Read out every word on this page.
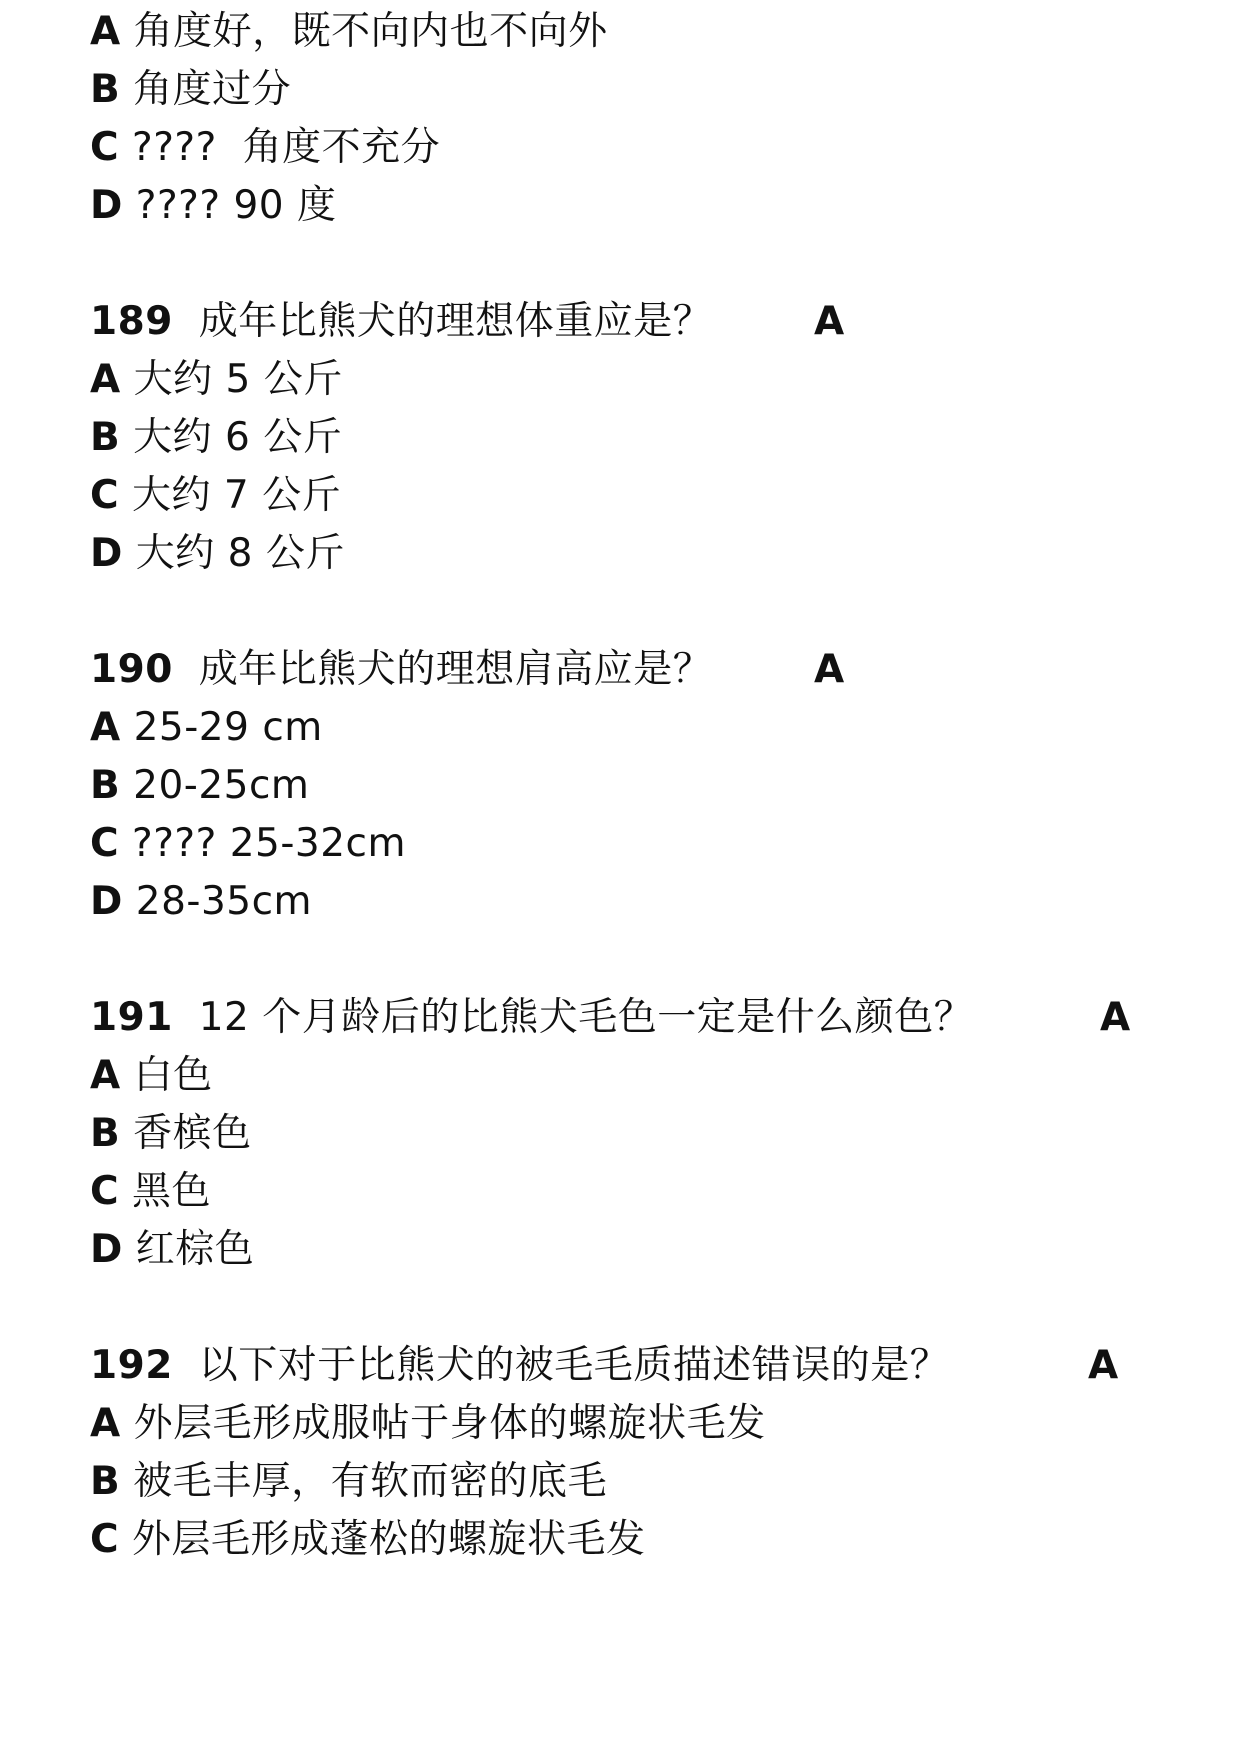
A 角度好，既不向内也不向外
B 角度过分
C ????  角度不充分
D ???? 90 度
189 成年比熊犬的理想体重应是？	A
A 大约 5 公斤
B 大约 6 公斤
C 大约 7 公斤
D 大约 8 公斤
190 成年比熊犬的理想肩高应是？	A
A 25-29 cm
B 20-25cm
C ???? 25-32cm
D 28-35cm
191 12 个月龄后的比熊犬毛色一定是什么颜色？	A
A 白色
B 香槟色
C 黑色
D 红棕色
192 以下对于比熊犬的被毛毛质描述错误的是？	A
A 外层毛形成服帖于身体的螺旋状毛发
B 被毛丰厚，有软而密的底毛
C 外层毛形成蓬松的螺旋状毛发
